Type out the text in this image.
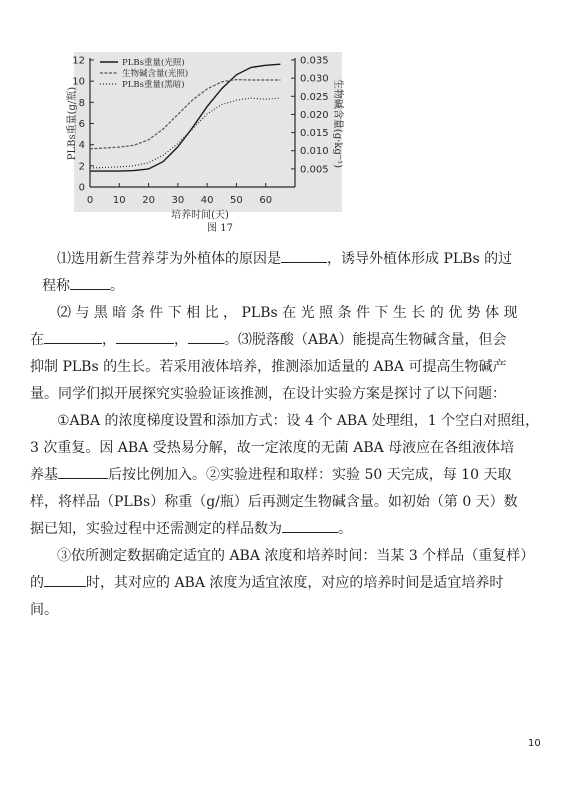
0
2
4
6
8
10
12
0.005
0.010
0.015
0.020
0.025
0.030
0.035
0 10 20 30 40 50 60
培养时间(天)
图 17
PLBs重量(g/瓶)	生物碱含量(g·kg⁻¹)
PLBs重量(光照)
生物碱含量(光照)
PLBs重量(黑暗)

⑴选用新生营养芽为外植体的原因是	，诱导外植体形成 PLBs 的过

程称	。

⑵ 与 黑 暗 条 件 下 相 比 ， PLBs 在 光 照 条 件 下 生 长 的 优 势 体 现

在	，	，	。⑶脱落酸（ABA）能提高生物碱含量，但会

抑制 PLBs 的生长。若采用液体培养，推测添加适量的 ABA 可提高生物碱产

量。同学们拟开展探究实验验证该推测，在设计实验方案是探讨了以下问题：

①ABA 的浓度梯度设置和添加方式：设 4 个 ABA 处理组，1 个空白对照组，

3 次重复。因 ABA 受热易分解，故一定浓度的无菌 ABA 母液应在各组液体培

养基	后按比例加入。②实验进程和取样：实验 50 天完成，每 10 天取

样，将样品（PLBs）称重（g/瓶）后再测定生物碱含量。如初始（第 0 天）数

据已知，实验过程中还需测定的样品数为	。

③依所测定数据确定适宜的 ABA 浓度和培养时间：当某 3 个样品（重复样）

的	时，其对应的 ABA 浓度为适宜浓度，对应的培养时间是适宜培养时

间。

10
